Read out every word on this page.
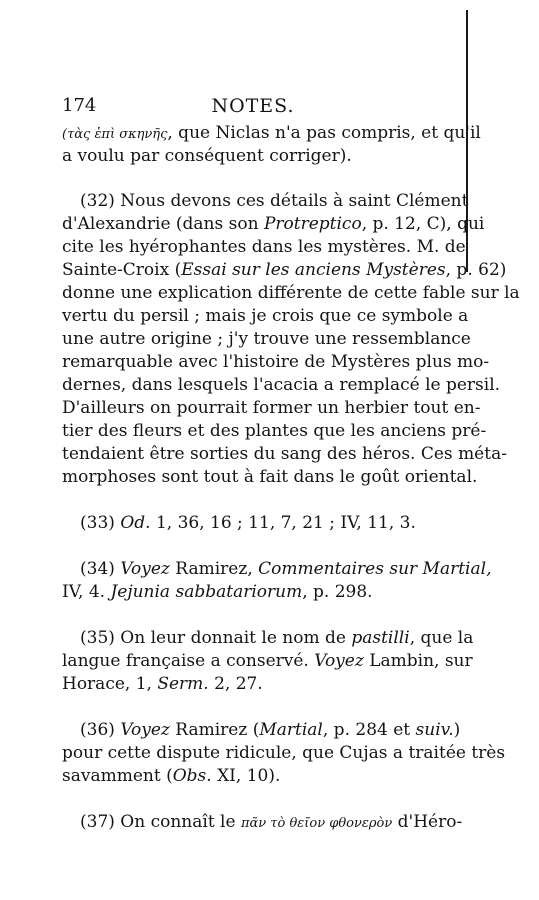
174	NOTES.
(τὰς ἐπὶ σκηνῆς, que Niclas n'a pas compris, et qu'il
a voulu par conséquent corriger).
(32) Nous devons ces détails à saint Clément
d'Alexandrie (dans son Protreptico, p. 12, C), qui
cite les hyérophantes dans les mystères. M. de
Sainte-Croix (Essai sur les anciens Mystères, p. 62)
donne une explication différente de cette fable sur la
vertu du persil ; mais je crois que ce symbole a
une autre origine ; j'y trouve une ressemblance
remarquable avec l'histoire de Mystères plus mo-
dernes, dans lesquels l'acacia a remplacé le persil.
D'ailleurs on pourrait former un herbier tout en-
tier des fleurs et des plantes que les anciens pré-
tendaient être sorties du sang des héros. Ces méta-
morphoses sont tout à fait dans le goût oriental.
(33) Od. 1, 36, 16 ; 11, 7, 21 ; IV, 11, 3.
(34) Voyez Ramirez, Commentaires sur Martial,
IV, 4. Jejunia sabbatariorum, p. 298.
(35) On leur donnait le nom de pastilli, que la
langue française a conservé. Voyez Lambin, sur
Horace, 1, Serm. 2, 27.
(36) Voyez Ramirez (Martial, p. 284 et suiv.)
pour cette dispute ridicule, que Cujas a traitée très
savamment (Obs. XI, 10).
(37) On connaît le πᾶν τὸ θεῖον φθονερὸν d'Héro-
